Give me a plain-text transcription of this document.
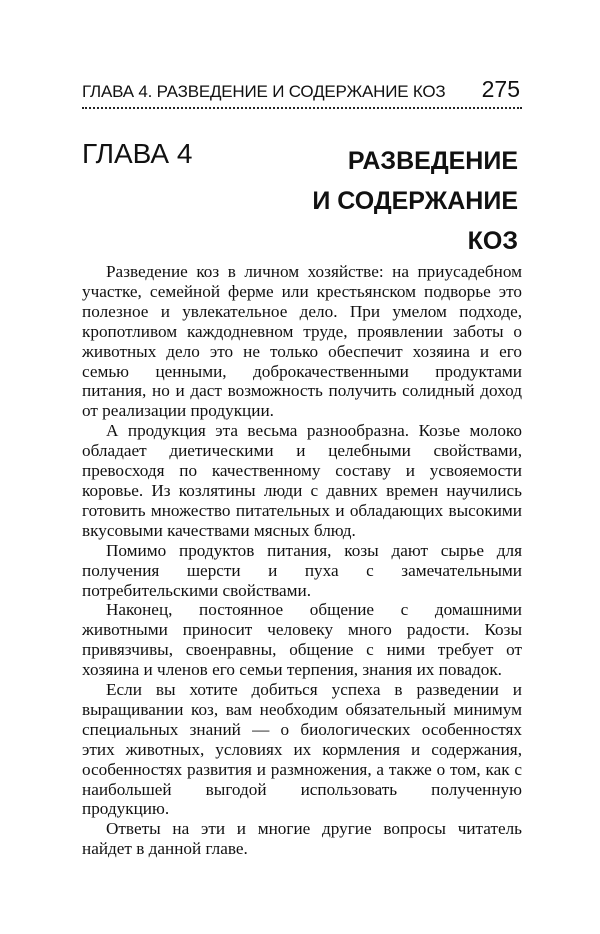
ГЛАВА 4. РАЗВЕДЕНИЕ И СОДЕРЖАНИЕ КОЗ 275
ГЛАВА 4	РАЗВЕДЕНИЕ
И СОДЕРЖАНИЕ
КОЗ

Разведение коз в личном хозяйстве: на приусадебном участке, семейной ферме или крестьянском подворье это полезное и увлекательное дело. При умелом подходе, кропотливом каждодневном труде, проявлении заботы о животных дело это не только обеспечит хозяина и его семью ценными, доброкачественными продуктами питания, но и даст возможность получить солидный доход от реализации продукции.

А продукция эта весьма разнообразна. Козье молоко обладает диетическими и целебными свойствами, превосходя по качественному составу и усвояемости коровье. Из козлятины люди с давних времен научились готовить множество питательных и обладающих высокими вкусовыми качествами мясных блюд.

Помимо продуктов питания, козы дают сырье для получения шерсти и пуха с замечательными потребительскими свойствами.

Наконец, постоянное общение с домашними животными приносит человеку много радости. Козы привязчивы, своенравны, общение с ними требует от хозяина и членов его семьи терпения, знания их повадок.

Если вы хотите добиться успеха в разведении и выращивании коз, вам необходим обязательный минимум специальных знаний — о биологических особенностях этих животных, условиях их кормления и содержания, особенностях развития и размножения, а также о том, как с наибольшей выгодой использовать полученную продукцию.

Ответы на эти и многие другие вопросы читатель найдет в данной главе.
